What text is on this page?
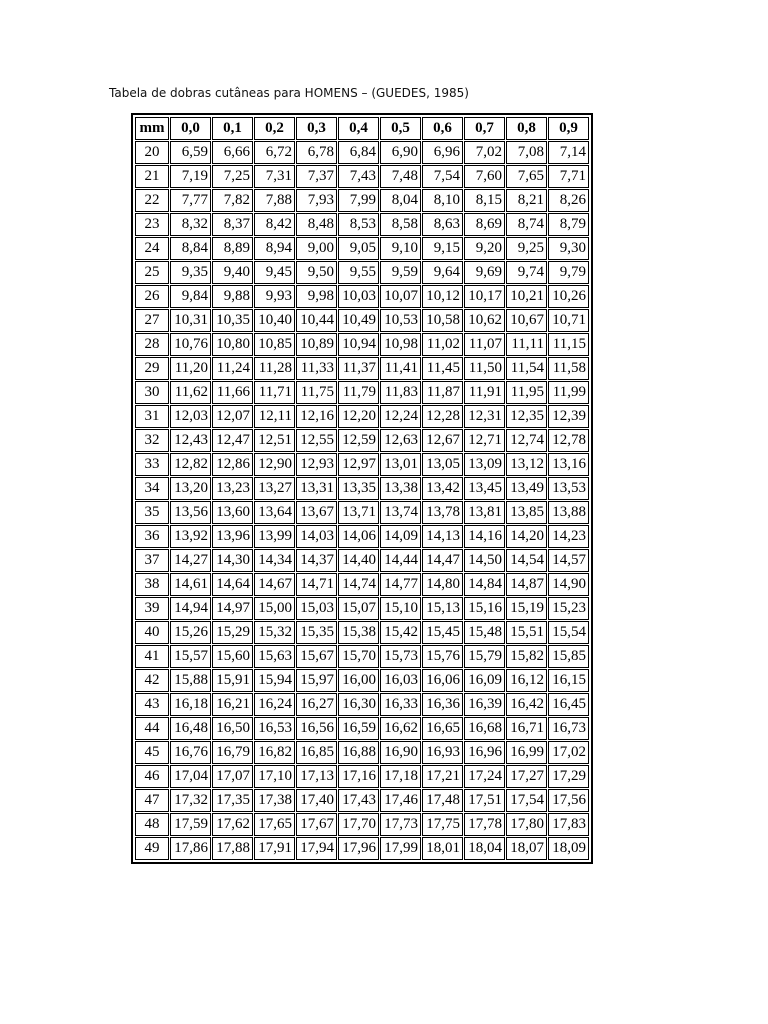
Tabela de dobras cutâneas para HOMENS – (GUEDES, 1985)
mm	0,0	0,1	0,2	0,3	0,4	0,5	0,6	0,7	0,8	0,9
20	6,59	6,66	6,72	6,78	6,84	6,90	6,96	7,02	7,08	7,14
21	7,19	7,25	7,31	7,37	7,43	7,48	7,54	7,60	7,65	7,71
22	7,77	7,82	7,88	7,93	7,99	8,04	8,10	8,15	8,21	8,26
23	8,32	8,37	8,42	8,48	8,53	8,58	8,63	8,69	8,74	8,79
24	8,84	8,89	8,94	9,00	9,05	9,10	9,15	9,20	9,25	9,30
25	9,35	9,40	9,45	9,50	9,55	9,59	9,64	9,69	9,74	9,79
26	9,84	9,88	9,93	9,98	10,03	10,07	10,12	10,17	10,21	10,26
27	10,31	10,35	10,40	10,44	10,49	10,53	10,58	10,62	10,67	10,71
28	10,76	10,80	10,85	10,89	10,94	10,98	11,02	11,07	11,11	11,15
29	11,20	11,24	11,28	11,33	11,37	11,41	11,45	11,50	11,54	11,58
30	11,62	11,66	11,71	11,75	11,79	11,83	11,87	11,91	11,95	11,99
31	12,03	12,07	12,11	12,16	12,20	12,24	12,28	12,31	12,35	12,39
32	12,43	12,47	12,51	12,55	12,59	12,63	12,67	12,71	12,74	12,78
33	12,82	12,86	12,90	12,93	12,97	13,01	13,05	13,09	13,12	13,16
34	13,20	13,23	13,27	13,31	13,35	13,38	13,42	13,45	13,49	13,53
35	13,56	13,60	13,64	13,67	13,71	13,74	13,78	13,81	13,85	13,88
36	13,92	13,96	13,99	14,03	14,06	14,09	14,13	14,16	14,20	14,23
37	14,27	14,30	14,34	14,37	14,40	14,44	14,47	14,50	14,54	14,57
38	14,61	14,64	14,67	14,71	14,74	14,77	14,80	14,84	14,87	14,90
39	14,94	14,97	15,00	15,03	15,07	15,10	15,13	15,16	15,19	15,23
40	15,26	15,29	15,32	15,35	15,38	15,42	15,45	15,48	15,51	15,54
41	15,57	15,60	15,63	15,67	15,70	15,73	15,76	15,79	15,82	15,85
42	15,88	15,91	15,94	15,97	16,00	16,03	16,06	16,09	16,12	16,15
43	16,18	16,21	16,24	16,27	16,30	16,33	16,36	16,39	16,42	16,45
44	16,48	16,50	16,53	16,56	16,59	16,62	16,65	16,68	16,71	16,73
45	16,76	16,79	16,82	16,85	16,88	16,90	16,93	16,96	16,99	17,02
46	17,04	17,07	17,10	17,13	17,16	17,18	17,21	17,24	17,27	17,29
47	17,32	17,35	17,38	17,40	17,43	17,46	17,48	17,51	17,54	17,56
48	17,59	17,62	17,65	17,67	17,70	17,73	17,75	17,78	17,80	17,83
49	17,86	17,88	17,91	17,94	17,96	17,99	18,01	18,04	18,07	18,09
